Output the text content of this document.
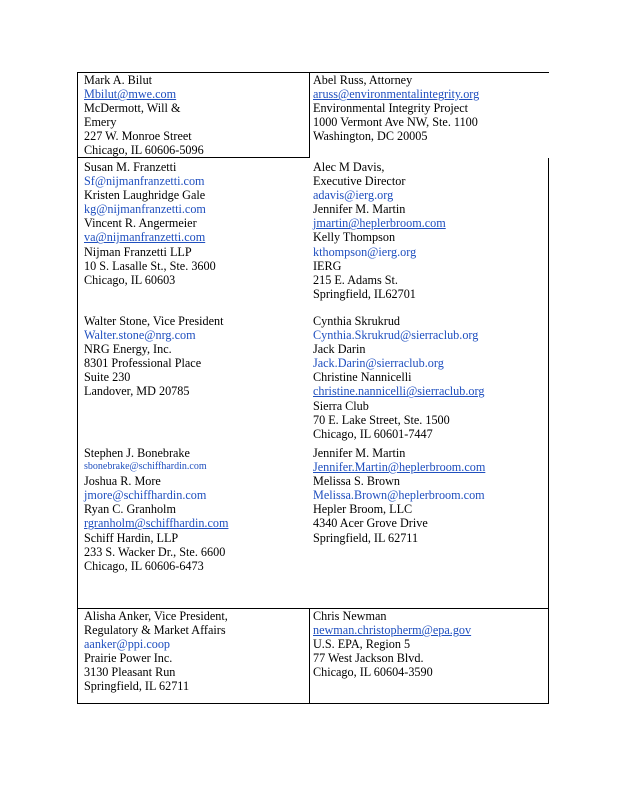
Mark A. Bilut
Mbilut@mwe.com
McDermott, Will &
Emery
227 W. Monroe Street
Chicago, IL 60606-5096
Abel Russ, Attorney
aruss@environmentalintegrity.org
Environmental Integrity Project
1000 Vermont Ave NW, Ste. 1100
Washington, DC 20005
Susan M. Franzetti
Sf@nijmanfranzetti.com
Kristen Laughridge Gale
kg@nijmanfranzetti.com
Vincent R. Angermeier
va@nijmanfranzetti.com
Nijman Franzetti LLP
10 S. Lasalle St., Ste. 3600
Chicago, IL 60603
Alec M Davis,
Executive Director
adavis@ierg.org
Jennifer M. Martin
jmartin@heplerbroom.com
Kelly Thompson
kthompson@ierg.org
IERG
215 E. Adams St.
Springfield, IL62701
Walter Stone, Vice President
Walter.stone@nrg.com
NRG Energy, Inc.
8301 Professional Place
Suite 230
Landover, MD 20785
Cynthia Skrukrud
Cynthia.Skrukrud@sierraclub.org
Jack Darin
Jack.Darin@sierraclub.org
Christine Nannicelli
christine.nannicelli@sierraclub.org
Sierra Club
70 E. Lake Street, Ste. 1500
Chicago, IL 60601-7447
Stephen J. Bonebrake
sbonebrake@schiffhardin.com
Joshua R. More
jmore@schiffhardin.com
Ryan C. Granholm
rgranholm@schiffhardin.com
Schiff Hardin, LLP
233 S. Wacker Dr., Ste. 6600
Chicago, IL 60606-6473
Jennifer M. Martin
Jennifer.Martin@heplerbroom.com
Melissa S. Brown
Melissa.Brown@heplerbroom.com
Hepler Broom, LLC
4340 Acer Grove Drive
Springfield, IL 62711
Alisha Anker, Vice President,
Regulatory & Market Affairs
aanker@ppi.coop
Prairie Power Inc.
3130 Pleasant Run
Springfield, IL 62711
Chris Newman
newman.christopherm@epa.gov
U.S. EPA, Region 5
77 West Jackson Blvd.
Chicago, IL 60604-3590
